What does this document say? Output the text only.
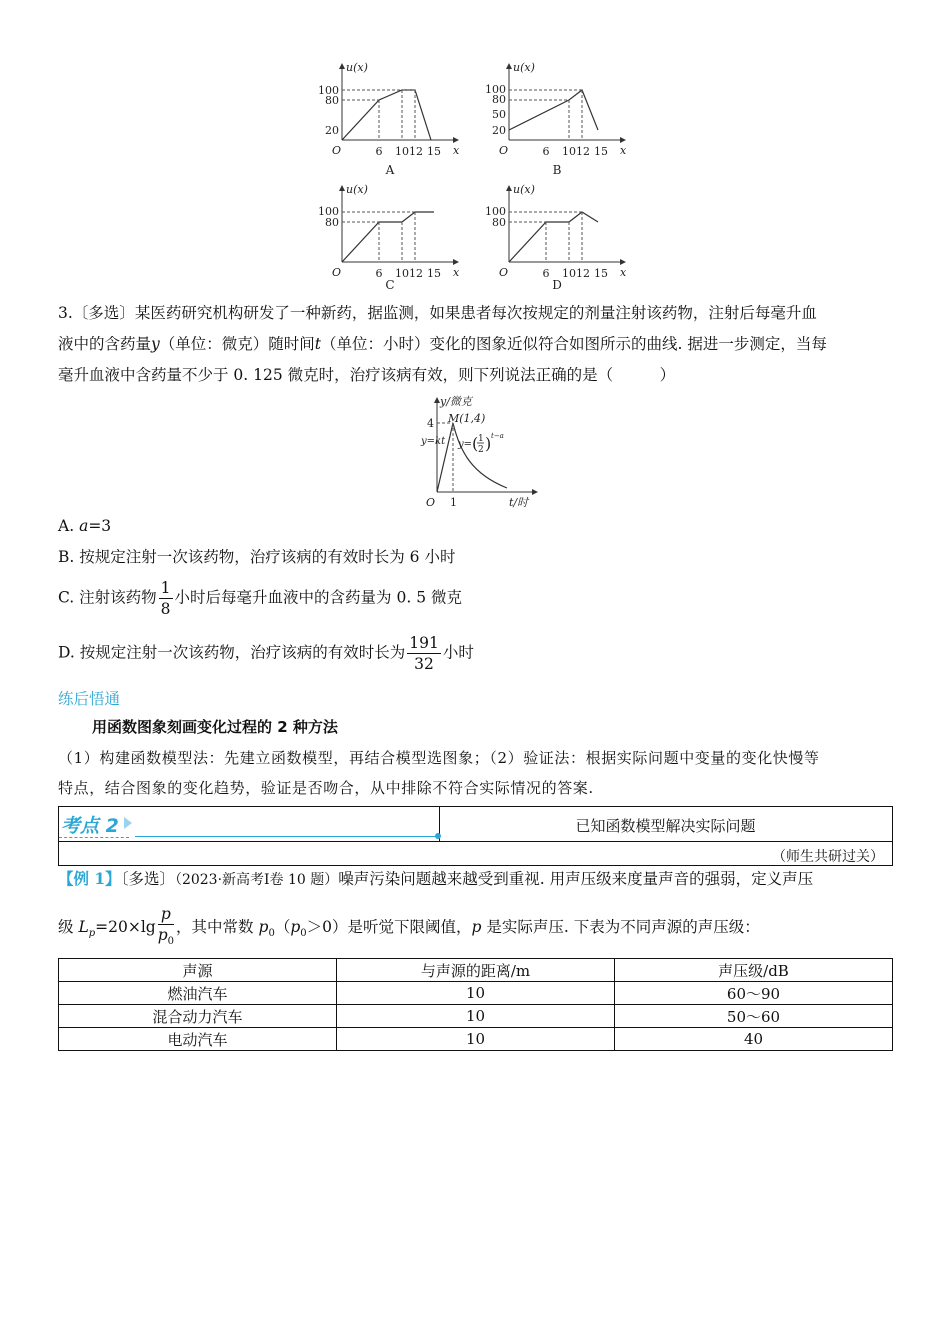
u(x)
100
80
20
O	6 10 12 15 x
A
u(x)
100
80
50
20
O	6 10 12 15 x
B
u(x)
100
80
O	6 10 12 15 x
C
u(x)
100
80
O	6 10 12 15 x
D
3.〔多选〕某医药研究机构研发了一种新药，据监测，如果患者每次按规定的剂量注射该药物，注射后每毫升血
液中的含药量y（单位：微克）随时间t（单位：小时）变化的图象近似符合如图所示的曲线. 据进一步测定，当每
毫升血液中含药量不少于 0. 125 微克时，治疗该病有效，则下列说法正确的是（　　　）
y/微克
M(1,4)
4
y=kt y= ( 1
2 ) t−a
O 1	t/时
A. a=3
B. 按规定注射一次该药物，治疗该病的有效时长为 6 小时
C. 注射该药物 $\frac{1}{8}$ 小时后每毫升血液中的含药量为 0. 5 微克
D. 按规定注射一次该药物，治疗该病的有效时长为 $\frac{191}{32}$ 小时
练后悟通
用函数图象刻画变化过程的 2 种方法
（1）构建函数模型法：先建立函数模型，再结合模型选图象；（2）验证法：根据实际问题中变量的变化快慢等
特点，结合图象的变化趋势，验证是否吻合，从中排除不符合实际情况的答案.
考点 2	已知函数模型解决实际问题
（师生共研过关）
【例 1】〔多选〕（2023·新高考Ⅰ卷 10 题）噪声污染问题越来越受到重视. 用声压级来度量声音的强弱，定义声压
级 $L_p=20\times\lg \frac{p}{p_0}$ ，其中常数 $p_0(p_0>0)$是听觉下限阈值，p 是实际声压. 下表为不同声源的声压级：
声源	与声源的距离/m	声压级/dB
燃油汽车	10	60～90
混合动力汽车	10	50～60
电动汽车	10	40
